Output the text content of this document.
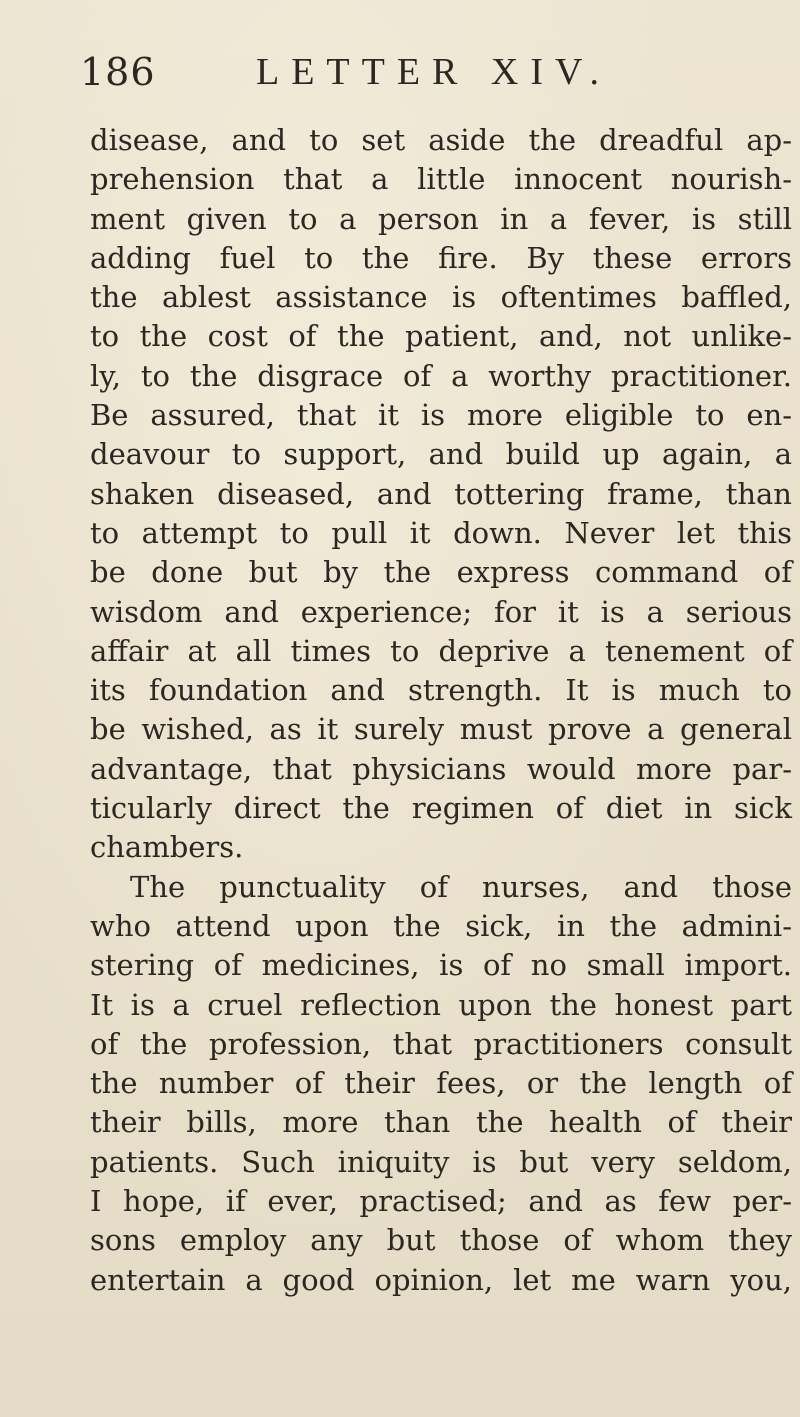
186	LETTER XIV.
disease, and to set aside the dreadful ap-
prehension that a little innocent nourish-
ment given to a person in a fever, is still
adding fuel to the fire. By these errors
the ablest assistance is oftentimes baffled,
to the cost of the patient, and, not unlike-
ly, to the disgrace of a worthy practitioner.
Be assured, that it is more eligible to en-
deavour to support, and build up again, a
shaken diseased, and tottering frame, than
to attempt to pull it down. Never let this
be done but by the express command of
wisdom and experience; for it is a serious
affair at all times to deprive a tenement of
its foundation and strength. It is much to
be wished, as it surely must prove a general
advantage, that physicians would more par-
ticularly direct the regimen of diet in sick
chambers.
The punctuality of nurses, and those
who attend upon the sick, in the admini-
stering of medicines, is of no small import.
It is a cruel reflection upon the honest part
of the profession, that practitioners consult
the number of their fees, or the length of
their bills, more than the health of their
patients. Such iniquity is but very seldom,
I hope, if ever, practised; and as few per-
sons employ any but those of whom they
entertain a good opinion, let me warn you,
